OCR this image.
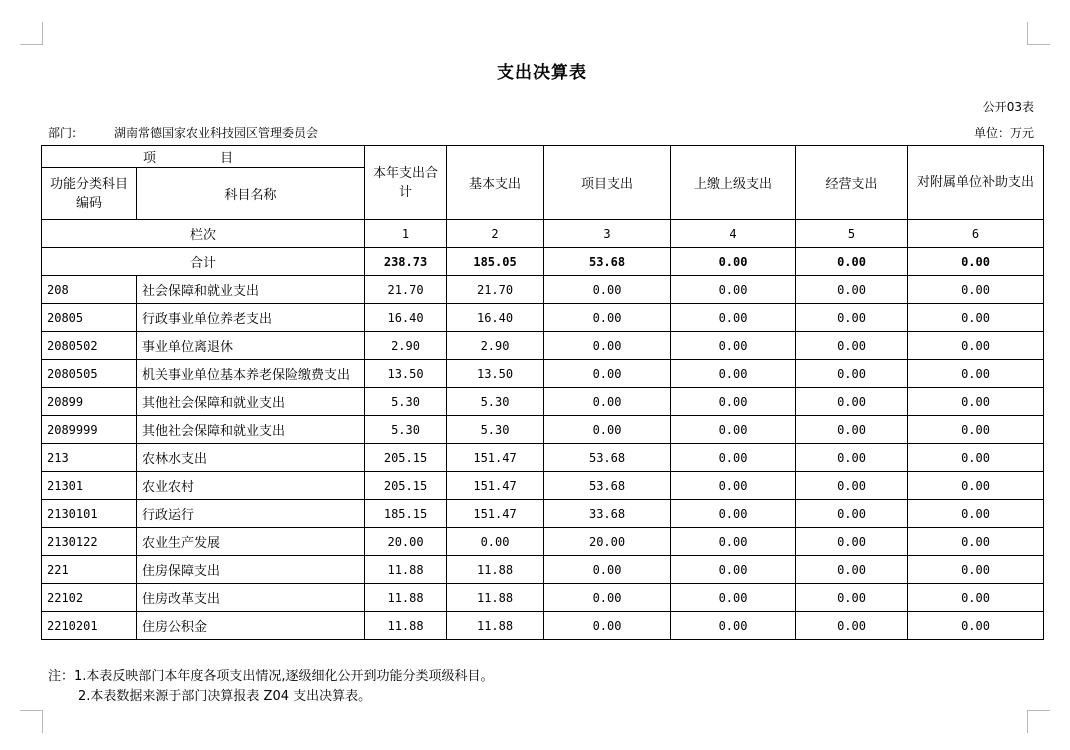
支出决算表
公开03表
部门:	湖南常德国家农业科技园区管理委员会	单位：万元
项 目		本年支出合计	基本支出	项目支出	上缴上级支出	经营支出	对附属单位补助支出
功能分类科目编码	科目名称						
栏次		1	2	3	4	5	6
合计		238.73	185.05	53.68	0.00	0.00	0.00
208	社会保障和就业支出	21.70	21.70	0.00	0.00	0.00	0.00
20805	行政事业单位养老支出	16.40	16.40	0.00	0.00	0.00	0.00
2080502	事业单位离退休	2.90	2.90	0.00	0.00	0.00	0.00
2080505	机关事业单位基本养老保险缴费支出	13.50	13.50	0.00	0.00	0.00	0.00
20899	其他社会保障和就业支出	5.30	5.30	0.00	0.00	0.00	0.00
2089999	其他社会保障和就业支出	5.30	5.30	0.00	0.00	0.00	0.00
213	农林水支出	205.15	151.47	53.68	0.00	0.00	0.00
21301	农业农村	205.15	151.47	53.68	0.00	0.00	0.00
2130101	行政运行	185.15	151.47	33.68	0.00	0.00	0.00
2130122	农业生产发展	20.00	0.00	20.00	0.00	0.00	0.00
221	住房保障支出	11.88	11.88	0.00	0.00	0.00	0.00
22102	住房改革支出	11.88	11.88	0.00	0.00	0.00	0.00
2210201	住房公积金	11.88	11.88	0.00	0.00	0.00	0.00
注：1.本表反映部门本年度各项支出情况,逐级细化公开到功能分类项级科目。
2.本表数据来源于部门决算报表 Z04 支出决算表。
